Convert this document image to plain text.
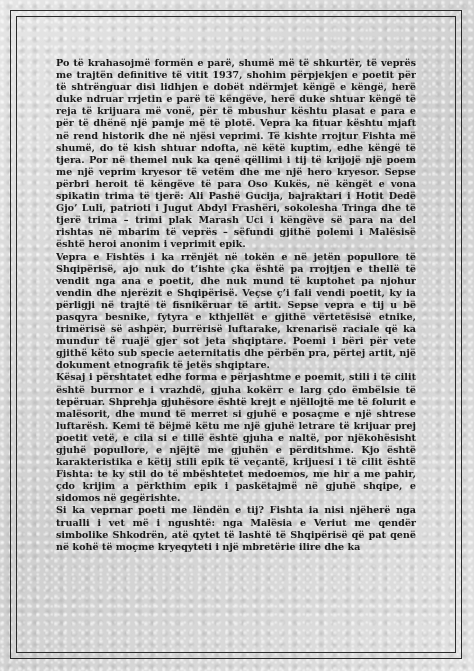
Po të krahasojmë formën e parë, shumë më të shkurtër, të veprës me trajtën definitive të vitit 1937, shohim përpjekjen e poetit për të shtrënguar disi lidhjen e dobët ndërmjet këngë e këngë, herë duke ndruar rrjetin e parë të këngëve, herë duke shtuar këngë të reja të krijuara më vonë, për të mbushur kështu plasat e para e për të dhënë një pamje më të plotë. Vepra ka fituar kështu mjaft në rend historik dhe në njësi veprimi. Të kishte rrojtur Fishta më shumë, do të kish shtuar ndofta, në këtë kuptim, edhe këngë të tjera. Por në themel nuk ka qenë qëllimi i tij të krijojë një poem me një veprim kryesor të vetëm dhe me një hero kryesor. Sepse përbri heroit të këngëve të para Oso Kukës, në këngët e vona spikatin trima të tjerë: Ali Pashë Gucija, bajraktari i Hotit Dedë Gjo’ Luli, patrioti i Jugut Abdyl Frashëri, sokolesha Tringa dhe të tjerë trima – trimi plak Marash Uci i këngëve së para na del rishtas në mbarim të veprës – sëfundi gjithë polemi i Malësisë është heroi anonim i veprimit epik.

Vepra e Fishtës i ka rrënjët në tokën e në jetën popullore të Shqipërisë, ajo nuk do t’ishte çka është pa rrojtjen e thellë të vendit nga ana e poetit, dhe nuk mund të kuptohet pa njohur vendin dhe njerëzit e Shqipërisë. Veçse ç’i fali vendi poetit, ky ia përligji në trajtë të fisnikëruar të artit. Sepse vepra e tij u bë pasqyra besnike, fytyra e kthjellët e gjithë vërtetësisë etnike, trimërisë së ashpër, burrërisë luftarake, krenarisë raciale që ka mundur të ruajë gjer sot jeta shqiptare. Poemi i bëri për vete gjithë këto sub specie aeternitatis dhe përbën pra, përtej artit, një dokument etnografik të jetës shqiptare.

Kësaj i përshtatet edhe forma e përjashtme e poemit, stili i të cilit është burrnor e i vrazhdë, gjuha kokërr e larg çdo ëmbëlsie të tepëruar. Shprehja gjuhësore është krejt e njëllojtë me të folurit e malësorit, dhe mund të merret si gjuhë e posaçme e një shtrese luftarësh. Kemi të bëjmë këtu me një gjuhë letrare të krijuar prej poetit vetë, e cila si e tillë është gjuha e naltë, por njëkohësisht gjuhë popullore, e njëjtë me gjuhën e përditshme. Kjo është karakteristika e këtij stili epik të veçantë, krijuesi i të cilit është Fishta: te ky stil do të mbështetet medoemos, me hir a me pahir, çdo krijim a përkthim epik i paskëtajmë në gjuhë shqipe, e sidomos në gegërishte.

Si ka veprnar poeti me lëndën e tij? Fishta ia nisi njëherë nga trualli i vet më i ngushtë: nga Malësia e Veriut me qendër simbolike Shkodrën, atë qytet të lashtë të Shqipërisë që pat qenë në kohë të moçme kryeqyteti i një mbretërie ilire dhe ka
